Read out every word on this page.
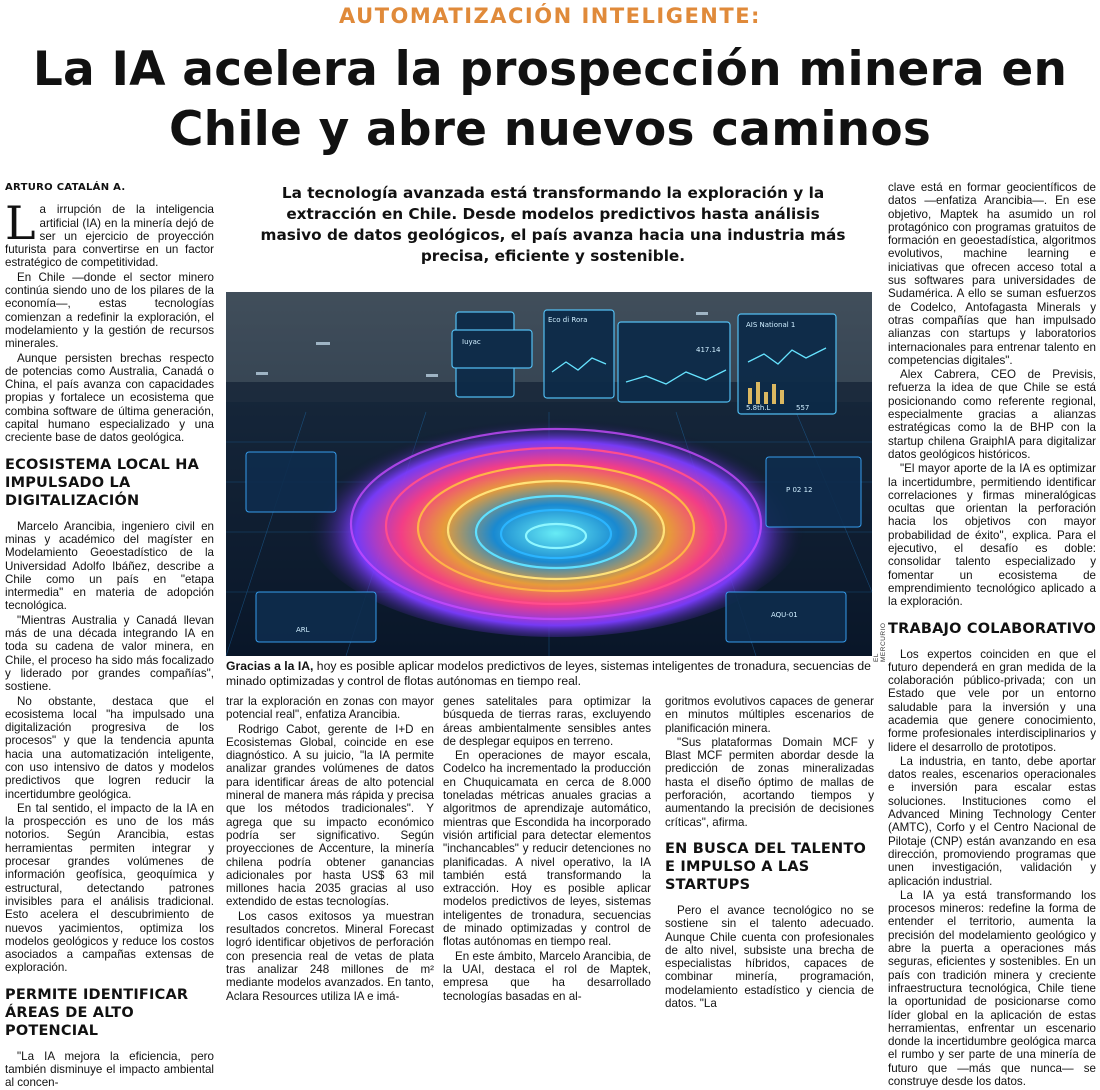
AUTOMATIZACIÓN INTELIGENTE:
La IA acelera la prospección minera en
Chile y abre nuevos caminos
ARTURO CATALÁN A.

La irrupción de la inteligencia artificial (IA) en la minería dejó de ser un ejercicio de proyección futurista para convertirse en un factor estratégico de competitividad.

En Chile —donde el sector minero continúa siendo uno de los pilares de la economía—, estas tecnologías comienzan a redefinir la exploración, el modelamiento y la gestión de recursos minerales.

Aunque persisten brechas respecto de potencias como Australia, Canadá o China, el país avanza con capacidades propias y fortalece un ecosistema que combina software de última generación, capital humano especializado y una creciente base de datos geológica.

ECOSISTEMA LOCAL HA IMPULSADO LA DIGITALIZACIÓN

Marcelo Arancibia, ingeniero civil en minas y académico del magíster en Modelamiento Geoestadístico de la Universidad Adolfo Ibáñez, describe a Chile como un país en "etapa intermedia" en materia de adopción tecnológica.

"Mientras Australia y Canadá llevan más de una década integrando IA en toda su cadena de valor minera, en Chile, el proceso ha sido más focalizado y liderado por grandes compañías", sostiene.

No obstante, destaca que el ecosistema local "ha impulsado una digitalización progresiva de los procesos" y que la tendencia apunta hacia una automatización inteligente, con uso intensivo de datos y modelos predictivos que logren reducir la incertidumbre geológica.

En tal sentido, el impacto de la IA en la prospección es uno de los más notorios. Según Arancibia, estas herramientas permiten integrar y procesar grandes volúmenes de información geofísica, geoquímica y estructural, detectando patrones invisibles para el análisis tradicional. Esto acelera el descubrimiento de nuevos yacimientos, optimiza los modelos geológicos y reduce los costos asociados a campañas extensas de exploración.

PERMITE IDENTIFICAR ÁREAS DE ALTO POTENCIAL

"La IA mejora la eficiencia, pero también disminuye el impacto ambiental al concen-

La tecnología avanzada está transformando la exploración y la extracción en Chile. Desde modelos predictivos hasta análisis masivo de datos geológicos, el país avanza hacia una industria más precisa, eficiente y sostenible.
AIS National 1
Eco di Rora
Iuyac
417.14
5.8th.L	557
ARL
AQU-01
P 02 12
EL MERCURIO
Gracias a la IA, hoy es posible aplicar modelos predictivos de leyes, sistemas inteligentes de tronadura, secuencias de minado optimizadas y control de flotas autónomas en tiempo real.

trar la exploración en zonas con mayor potencial real", enfatiza Arancibia.

Rodrigo Cabot, gerente de I+D en Ecosistemas Global, coincide en ese diagnóstico. A su juicio, "la IA permite analizar grandes volúmenes de datos para identificar áreas de alto potencial mineral de manera más rápida y precisa que los métodos tradicionales". Y agrega que su impacto económico podría ser significativo. Según proyecciones de Accenture, la minería chilena podría obtener ganancias adicionales por hasta US$ 63 mil millones hacia 2035 gracias al uso extendido de estas tecnologías.

Los casos exitosos ya muestran resultados concretos. Mineral Forecast logró identificar objetivos de perforación con presencia real de vetas de plata tras analizar 248 millones de m² mediante modelos avanzados. En tanto, Aclara Resources utiliza IA e imá-

genes satelitales para optimizar la búsqueda de tierras raras, excluyendo áreas ambientalmente sensibles antes de desplegar equipos en terreno.

En operaciones de mayor escala, Codelco ha incrementado la producción en Chuquicamata en cerca de 8.000 toneladas métricas anuales gracias a algoritmos de aprendizaje automático, mientras que Escondida ha incorporado visión artificial para detectar elementos "inchancables" y reducir detenciones no planificadas. A nivel operativo, la IA también está transformando la extracción. Hoy es posible aplicar modelos predictivos de leyes, sistemas inteligentes de tronadura, secuencias de minado optimizadas y control de flotas autónomas en tiempo real.

En este ámbito, Marcelo Arancibia, de la UAI, destaca el rol de Maptek, empresa que ha desarrollado tecnologías basadas en al-

goritmos evolutivos capaces de generar en minutos múltiples escenarios de planificación minera.

"Sus plataformas Domain MCF y Blast MCF permiten abordar desde la predicción de zonas mineralizadas hasta el diseño óptimo de mallas de perforación, acortando tiempos y aumentando la precisión de decisiones críticas", afirma.

EN BUSCA DEL TALENTO E IMPULSO A LAS STARTUPS

Pero el avance tecnológico no se sostiene sin el talento adecuado. Aunque Chile cuenta con profesionales de alto nivel, subsiste una brecha de especialistas híbridos, capaces de combinar minería, programación, modelamiento estadístico y ciencia de datos. "La

clave está en formar geocientíficos de datos —enfatiza Arancibia—. En ese objetivo, Maptek ha asumido un rol protagónico con programas gratuitos de formación en geoestadística, algoritmos evolutivos, machine learning e iniciativas que ofrecen acceso total a sus softwares para universidades de Sudamérica. A ello se suman esfuerzos de Codelco, Antofagasta Minerals y otras compañías que han impulsado alianzas con startups y laboratorios internacionales para entrenar talento en competencias digitales".

Alex Cabrera, CEO de Previsis, refuerza la idea de que Chile se está posicionando como referente regional, especialmente gracias a alianzas estratégicas como la de BHP con la startup chilena GraiphIA para digitalizar datos geológicos históricos.

"El mayor aporte de la IA es optimizar la incertidumbre, permitiendo identificar correlaciones y firmas mineralógicas ocultas que orientan la perforación hacia los objetivos con mayor probabilidad de éxito", explica. Para el ejecutivo, el desafío es doble: consolidar talento especializado y fomentar un ecosistema de emprendimiento tecnológico aplicado a la exploración.

TRABAJO COLABORATIVO

Los expertos coinciden en que el futuro dependerá en gran medida de la colaboración público-privada; con un Estado que vele por un entorno saludable para la inversión y una academia que genere conocimiento, forme profesionales interdisciplinarios y lidere el desarrollo de prototipos.

La industria, en tanto, debe aportar datos reales, escenarios operacionales e inversión para escalar estas soluciones. Instituciones como el Advanced Mining Technology Center (AMTC), Corfo y el Centro Nacional de Pilotaje (CNP) están avanzando en esa dirección, promoviendo programas que unen investigación, validación y aplicación industrial.

La IA ya está transformando los procesos mineros: redefine la forma de entender el territorio, aumenta la precisión del modelamiento geológico y abre la puerta a operaciones más seguras, eficientes y sostenibles. En un país con tradición minera y creciente infraestructura tecnológica, Chile tiene la oportunidad de posicionarse como líder global en la aplicación de estas herramientas, enfrentar un escenario donde la incertidumbre geológica marca el rumbo y ser parte de una minería de futuro que —más que nunca— se construye desde los datos.
